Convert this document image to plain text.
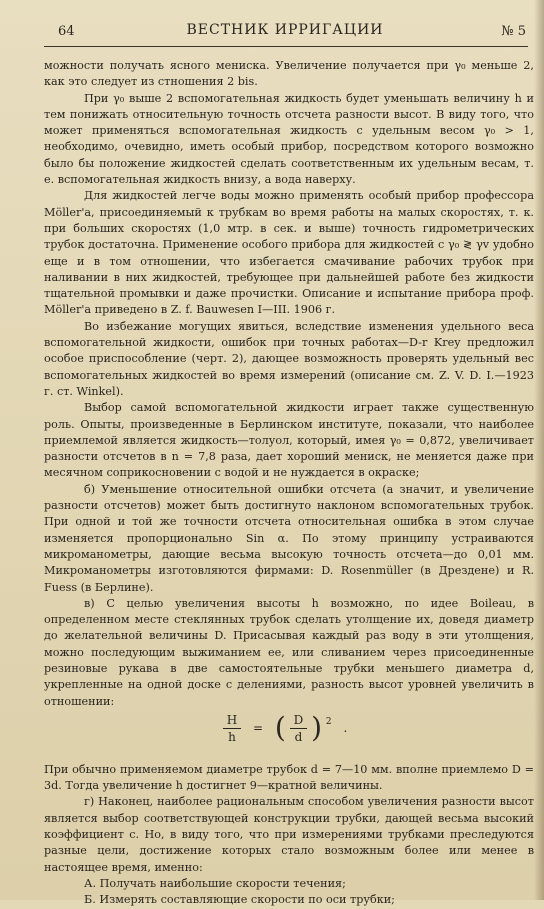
64	ВЕСТНИК ИРРИГАЦИИ	№ 5

можности получать ясного мениска. Увеличение получается при γ₀ меньше 2, как это следует из стношения 2 bis.

При γ₀ выше 2 вспомогательная жидкость будет уменьшать величину h и тем понижать относительную точность отсчета разности высот. В виду того, что может применяться вспомогательная жидкость с удельным весом γ₀ > 1, необходимо, очевидно, иметь особый прибор, посредством которого возможно было бы положение жидкостей сделать соответственным их удельным весам, т. е. вспомогательная жидкость внизу, а вода наверху.

Для жидкостей легче воды можно применять особый прибор профессора Möller'a, присоединяемый к трубкам во время работы на малых скоростях, т. к. при больших скоростях (1,0 мтр. в сек. и выше) точность гидрометрических трубок достаточна. Применение особого прибора для жидкостей с γ₀ ≷ γv удобно еще и в том отношении, что избегается смачивание рабочих трубок при наливании в них жидкостей, требующее при дальнейшей работе без жидкости тщательной промывки и даже прочистки. Описание и испытание прибора проф. Möller'a приведено в Z. f. Bauwesen I—III. 1906 г.

Во избежание могущих явиться, вследствие изменения удельного веса вспомогательной жидкости, ошибок при точных работах—D-r Krey предложил особое приспособление (черт. 2), дающее возможность проверять удельный вес вспомогательных жидкостей во время измерений (описание см. Z. V. D. I.—1923 г. ст. Winkel).

Выбор самой вспомогательной жидкости играет также существенную роль. Опыты, произведенные в Берлинском институте, показали, что наиболее приемлемой является жидкость—толуол, который, имея γ₀ = 0,872, увеличивает разности отсчетов в n = 7,8 раза, дает хороший мениск, не меняется даже при месячном соприкосновении с водой и не нуждается в окраске;

б) Уменьшение относительной ошибки отсчета (а значит, и увеличение разности отсчетов) может быть достигнуто наклоном вспомогательных трубок. При одной и той же точности отсчета относительная ошибка в этом случае изменяется пропорционально Sin α. По этому принципу устраиваются микроманометры, дающие весьма высокую точность отсчета—до 0,01 мм. Микроманометры изготовляются фирмами: D. Rosenmüller (в Дрездене) и R. Fuess (в Берлине).

в) С целью увеличения высоты h возможно, по идее Boileau, в определенном месте стеклянных трубок сделать утолщение их, доведя диаметр до желательной величины D. Присасывая каждый раз воду в эти утолщения, можно последующим выжиманием ее, или сливанием через присоединенные резиновые рукава в две самостоятельные трубки меньшего диаметра d, укрепленные на одной доске с делениями, разность высот уровней увеличить в отношении:

$\frac{H}{h}$ = ( $\frac{D}{d}$ ) 2 .

При обычно применяемом диаметре трубок d = 7—10 мм. вполне приемлемо D = 3d. Тогда увеличение h достигнет 9—кратной величины.

г) Наконец, наиболее рациональным способом увеличения разности высот является выбор соответствующей конструкции трубки, дающей весьма высокий коэффициент с. Но, в виду того, что при измерениями трубками преследуются разные цели, достижение которых стало возможным более или менее в настоящее время, именно:

А. Получать наибольшие скорости течения;

Б. Измерять составляющие скорости по оси трубки;
